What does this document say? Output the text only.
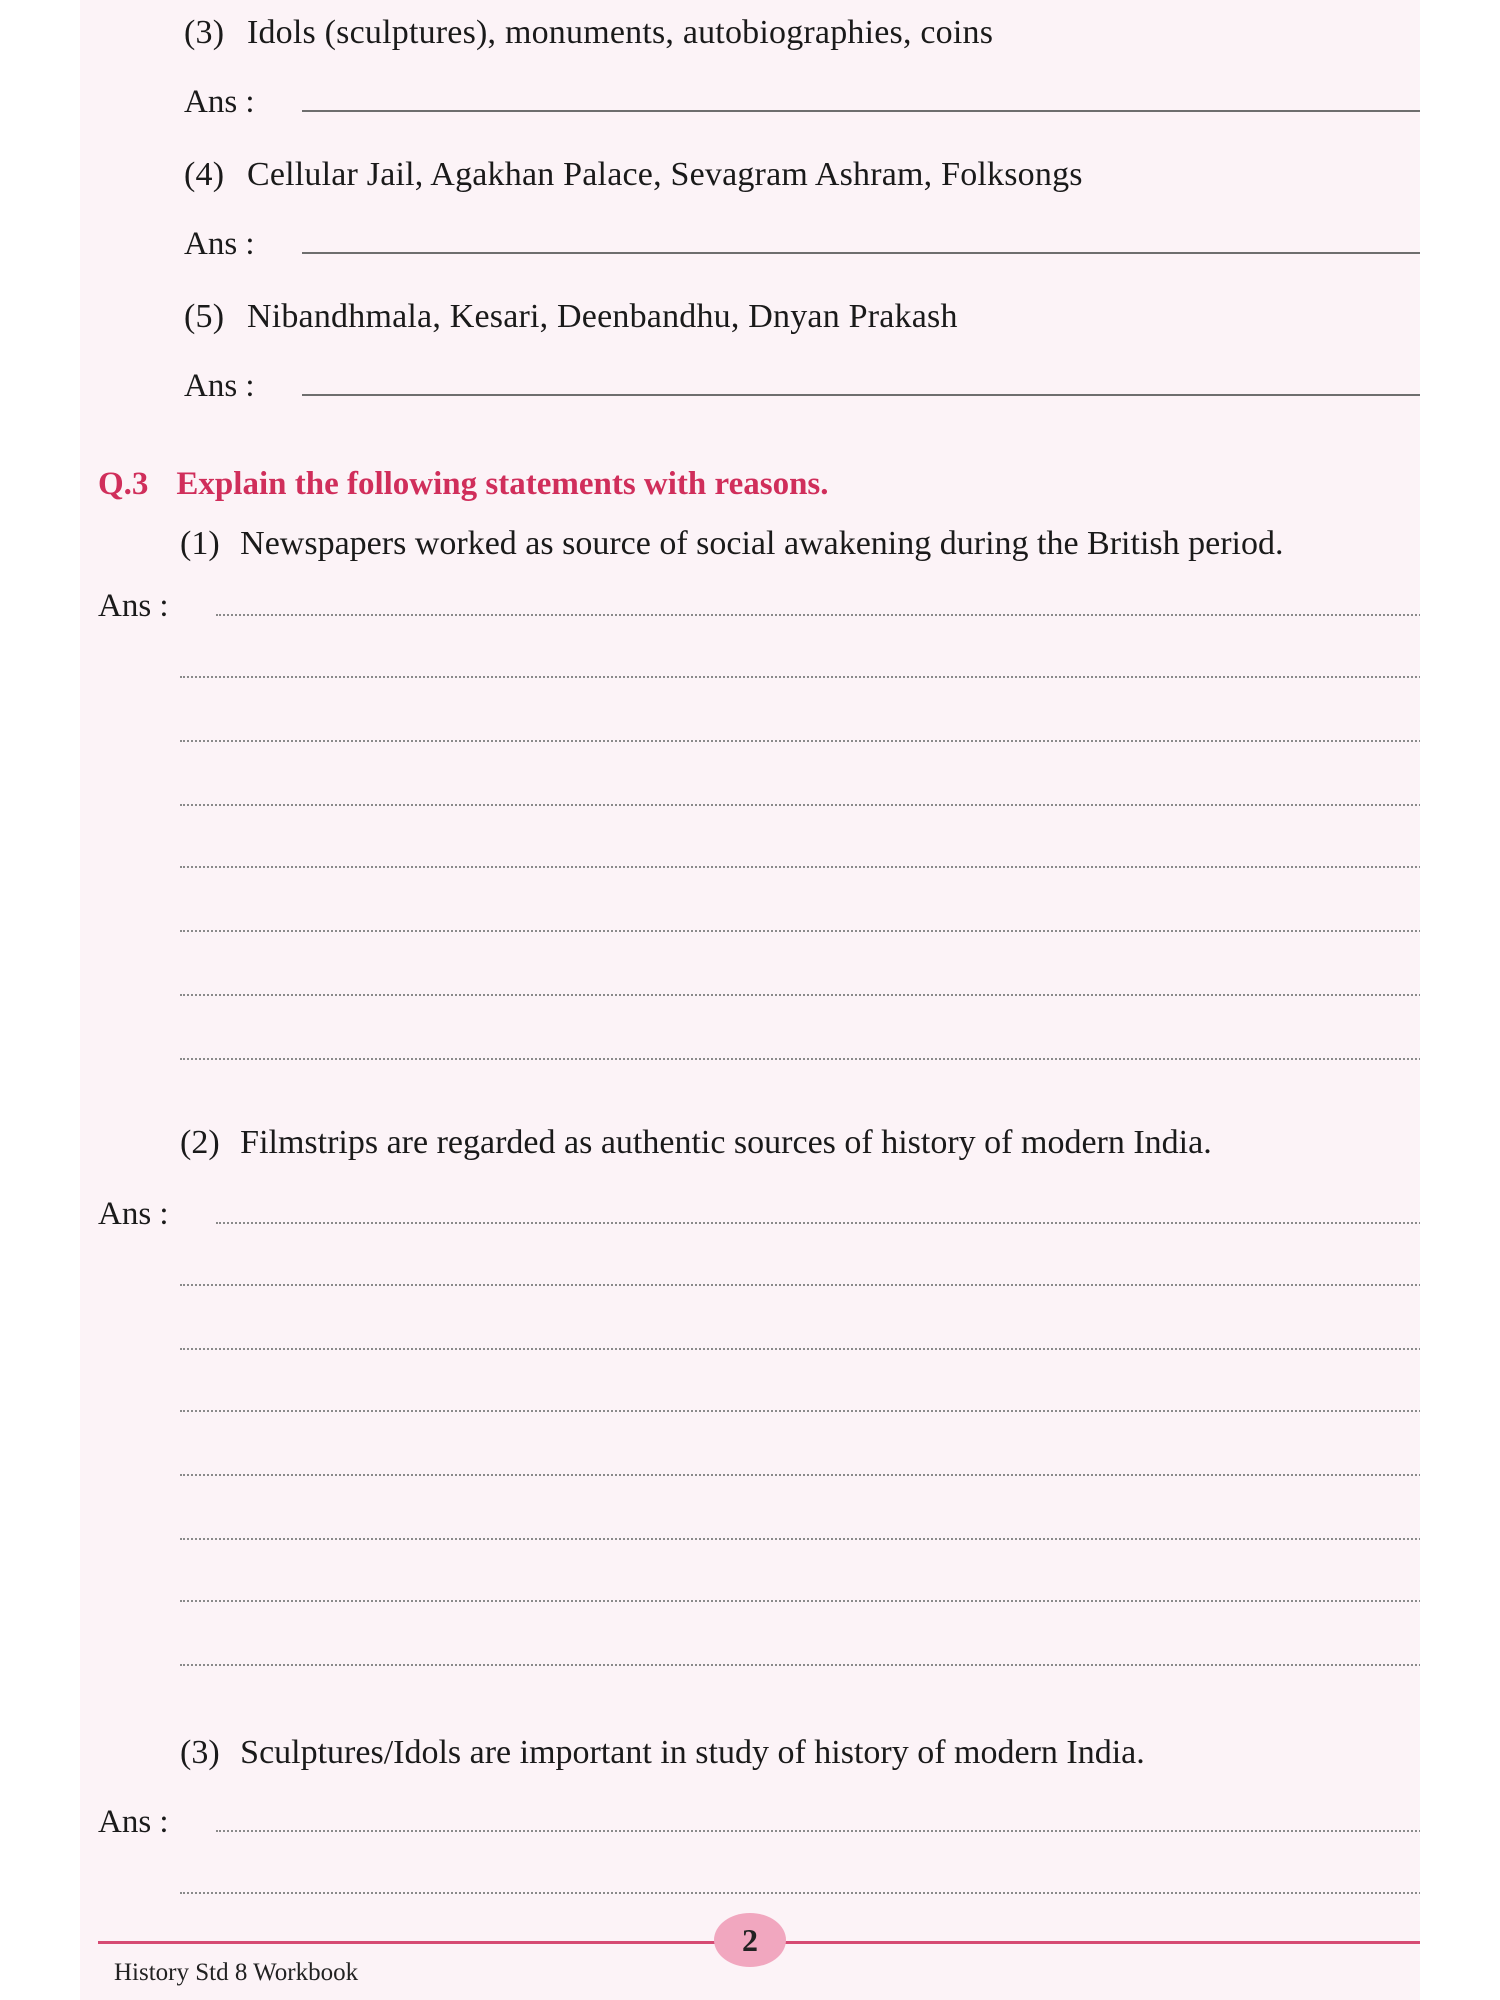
(3) Idols (sculptures), monuments, autobiographies, coins
Ans :
(4) Cellular Jail, Agakhan Palace, Sevagram Ashram, Folksongs
Ans :
(5) Nibandhmala, Kesari, Deenbandhu, Dnyan Prakash
Ans :
Q.3 Explain the following statements with reasons.
(1) Newspapers worked as source of social awakening during the British period.
Ans :
(2) Filmstrips are regarded as authentic sources of history of modern India.
Ans :
(3) Sculptures/Idols are important in study of history of modern India.
Ans :
2
History Std 8 Workbook
